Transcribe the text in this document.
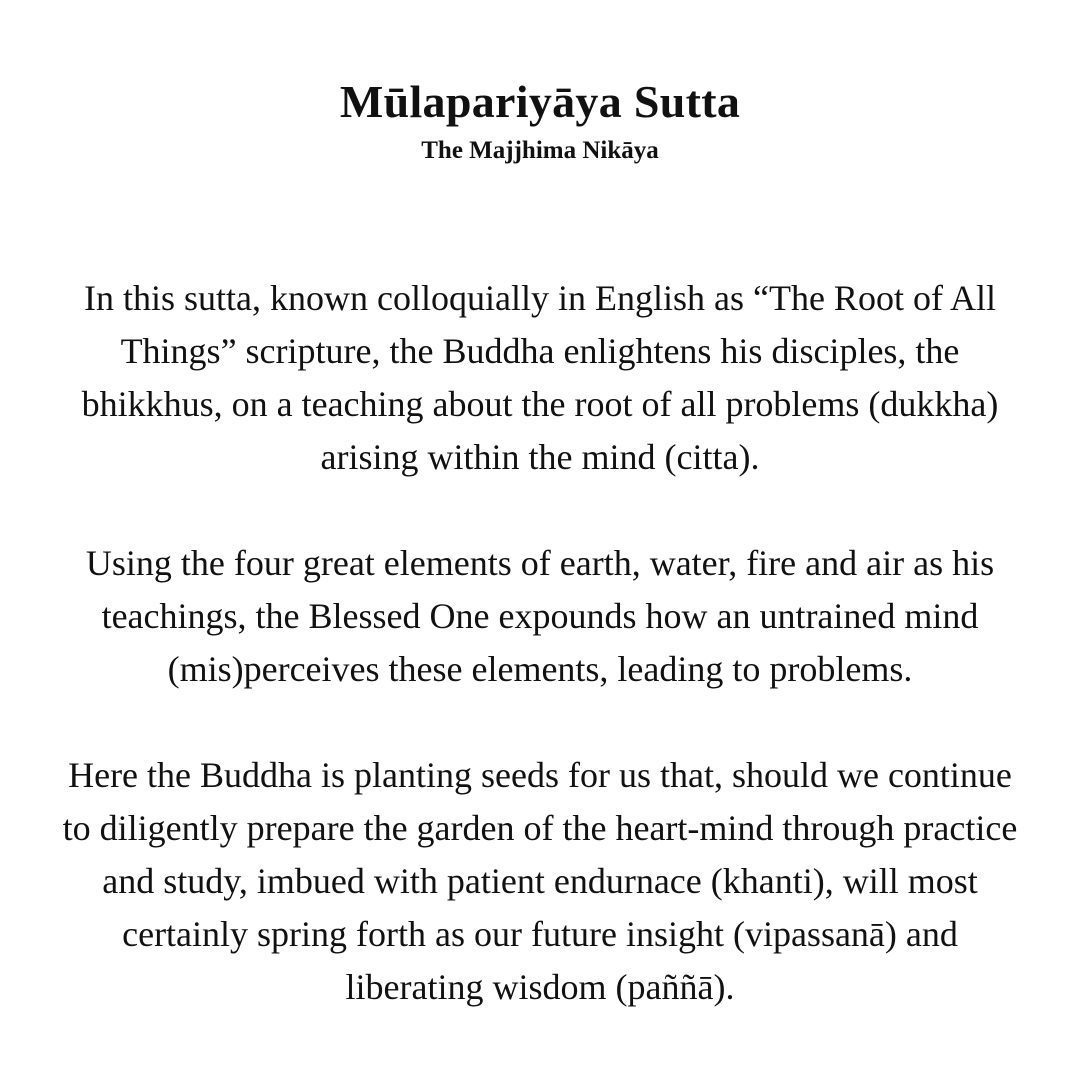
Mūlapariyāya Sutta
The Majjhima Nikāya

In this sutta, known colloquially in English as “The Root of All
Things” scripture, the Buddha enlightens his disciples, the
bhikkhus, on a teaching about the root of all problems (dukkha)
arising within the mind (citta).

Using the four great elements of earth, water, fire and air as his
teachings, the Blessed One expounds how an untrained mind
(mis)perceives these elements, leading to problems.

Here the Buddha is planting seeds for us that, should we continue
to diligently prepare the garden of the heart-mind through practice
and study, imbued with patient endurnace (khanti), will most
certainly spring forth as our future insight (vipassanā) and
liberating wisdom (paññā).
